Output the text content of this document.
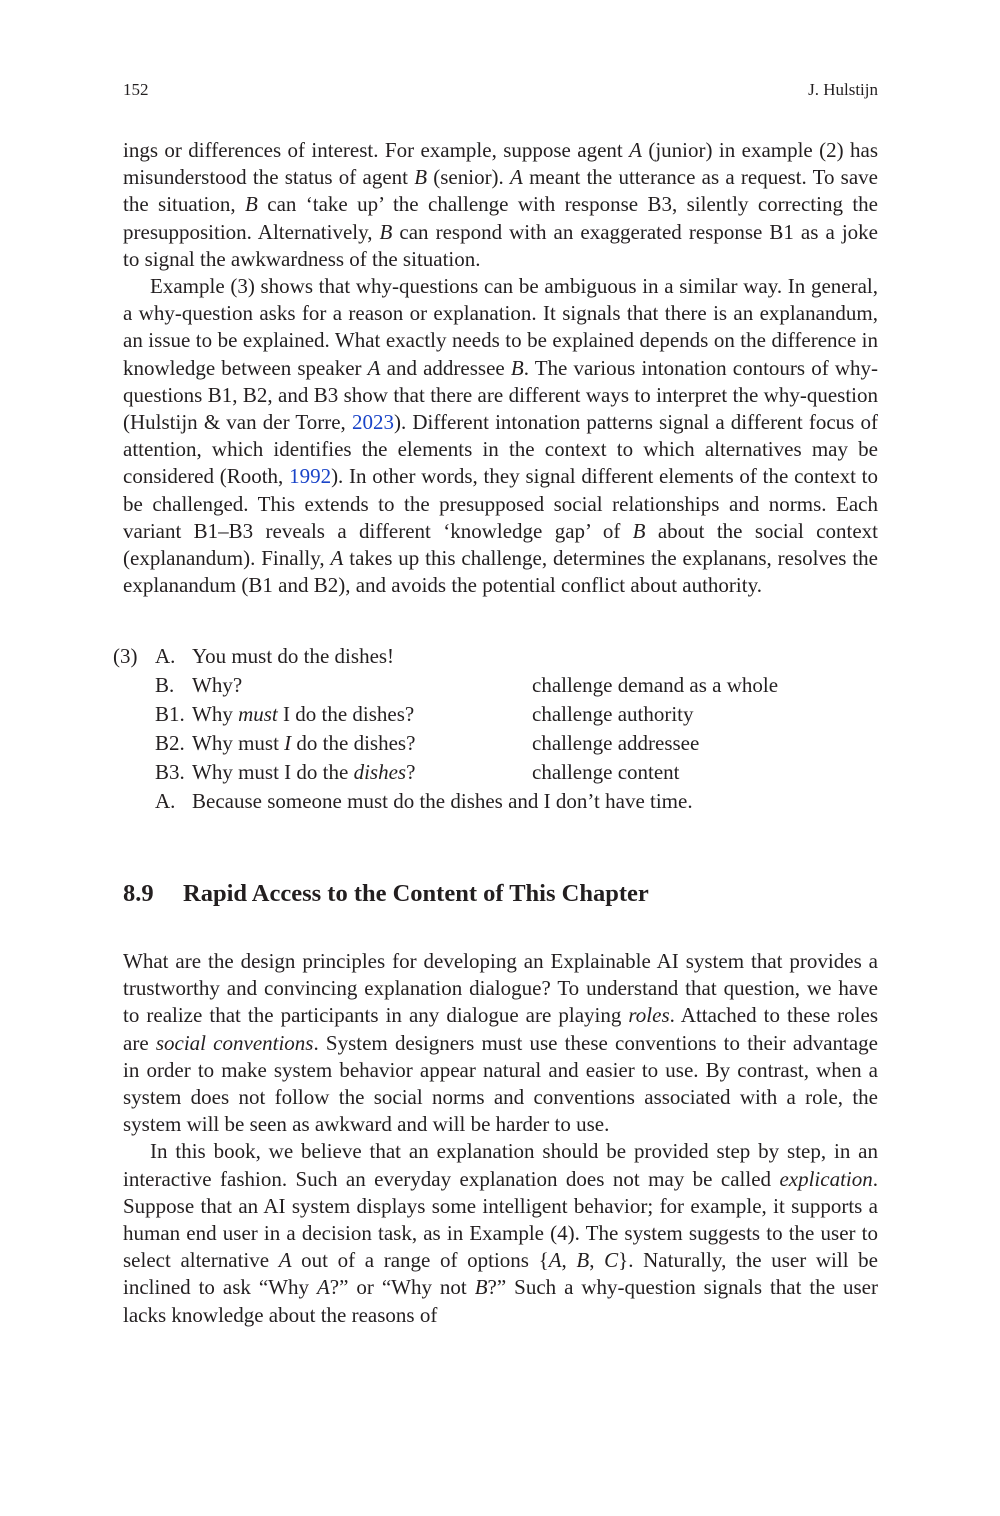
152	J. Hulstijn

ings or differences of interest. For example, suppose agent A (junior) in example (2) has misunderstood the status of agent B (senior). A meant the utterance as a request. To save the situation, B can ‘take up’ the challenge with response B3, silently correcting the presupposition. Alternatively, B can respond with an exaggerated response B1 as a joke to signal the awkwardness of the situation.

Example (3) shows that why-questions can be ambiguous in a similar way. In general, a why-question asks for a reason or explanation. It signals that there is an explanandum, an issue to be explained. What exactly needs to be explained depends on the difference in knowledge between speaker A and addressee B. The various intonation contours of why-questions B1, B2, and B3 show that there are different ways to interpret the why-question (Hulstijn & van der Torre, 2023). Different intonation patterns signal a different focus of attention, which identifies the elements in the context to which alternatives may be considered (Rooth, 1992). In other words, they signal different elements of the context to be challenged. This extends to the presupposed social relationships and norms. Each variant B1–B3 reveals a different ‘knowledge gap’ of B about the social context (explanandum). Finally, A takes up this challenge, determines the explanans, resolves the explanandum (B1 and B2), and avoids the potential conflict about authority.

(3) A. You must do the dishes!
B. Why?	challenge demand as a whole
B1. Why must I do the dishes?	challenge authority
B2. Why must I do the dishes?	challenge addressee
B3. Why must I do the dishes?	challenge content
A. Because someone must do the dishes and I don’t have time.
8.9 Rapid Access to the Content of This Chapter

What are the design principles for developing an Explainable AI system that provides a trustworthy and convincing explanation dialogue? To understand that question, we have to realize that the participants in any dialogue are playing roles. Attached to these roles are social conventions. System designers must use these conventions to their advantage in order to make system behavior appear natural and easier to use. By contrast, when a system does not follow the social norms and conventions associated with a role, the system will be seen as awkward and will be harder to use.

In this book, we believe that an explanation should be provided step by step, in an interactive fashion. Such an everyday explanation does not may be called explication. Suppose that an AI system displays some intelligent behavior; for example, it supports a human end user in a decision task, as in Example (4). The system suggests to the user to select alternative A out of a range of options {A, B, C}. Naturally, the user will be inclined to ask “Why A?” or “Why not B?” Such a why-question signals that the user lacks knowledge about the reasons of
